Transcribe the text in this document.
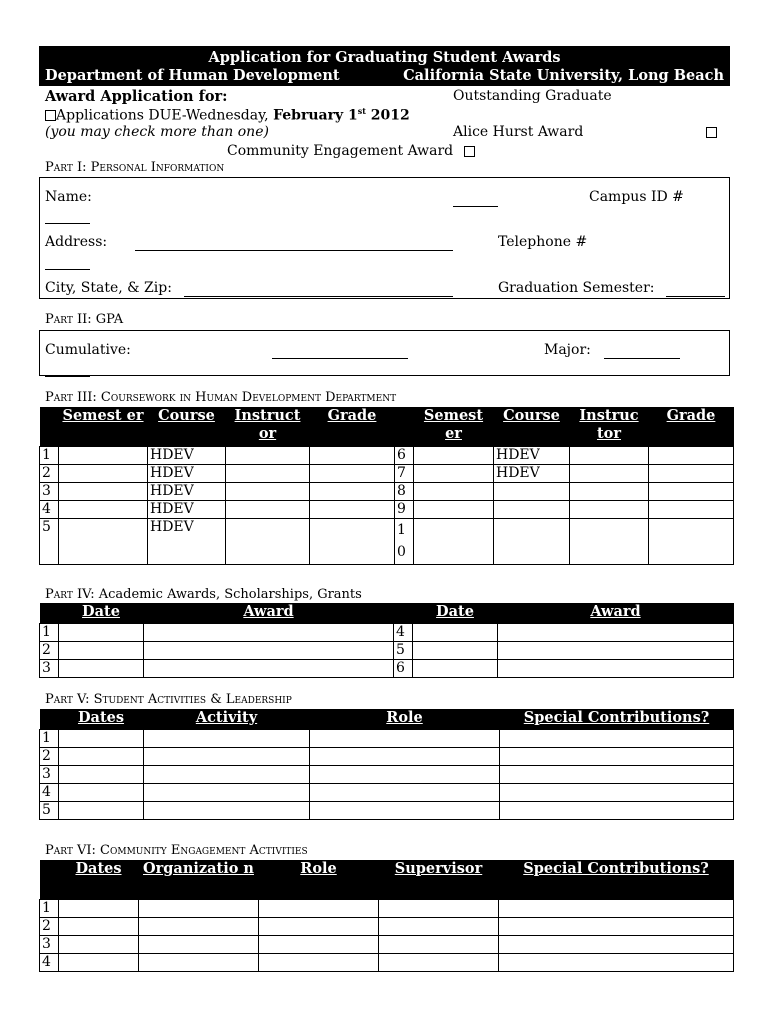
Application for Graduating Student Awards
Department of Human Development	California State University, Long Beach
Award Application for:
Applications DUE-Wednesday, February 1st 2012
(you may check more than one)
Outstanding Graduate
Alice Hurst Award
Community Engagement Award
Part I: Personal Information
Name:	Campus ID #
Address:	Telephone #
City, State, & Zip:	Graduation Semester:
Part II: GPA
Cumulative:	Major:
Part III: Coursework in Human Development Department
	Semest er	Course	Instruct or	Grade		Semest er	Course	Instruc tor	Grade
1		HDEV			6		HDEV		
2		HDEV			7		HDEV		
3		HDEV			8				
4		HDEV			9				
5		HDEV			1 0				
Part IV: Academic Awards, Scholarships, Grants
	Date	Award		Date	Award
1			4		
2			5		
3			6		
Part V: Student Activities & Leadership
	Dates	Activity	Role	Special Contributions?
1				
2				
3				
4				
5				
Part VI: Community Engagement Activities
	Dates	Organizatio n	Role	Supervisor	Special Contributions?
1					
2					
3					
4					
